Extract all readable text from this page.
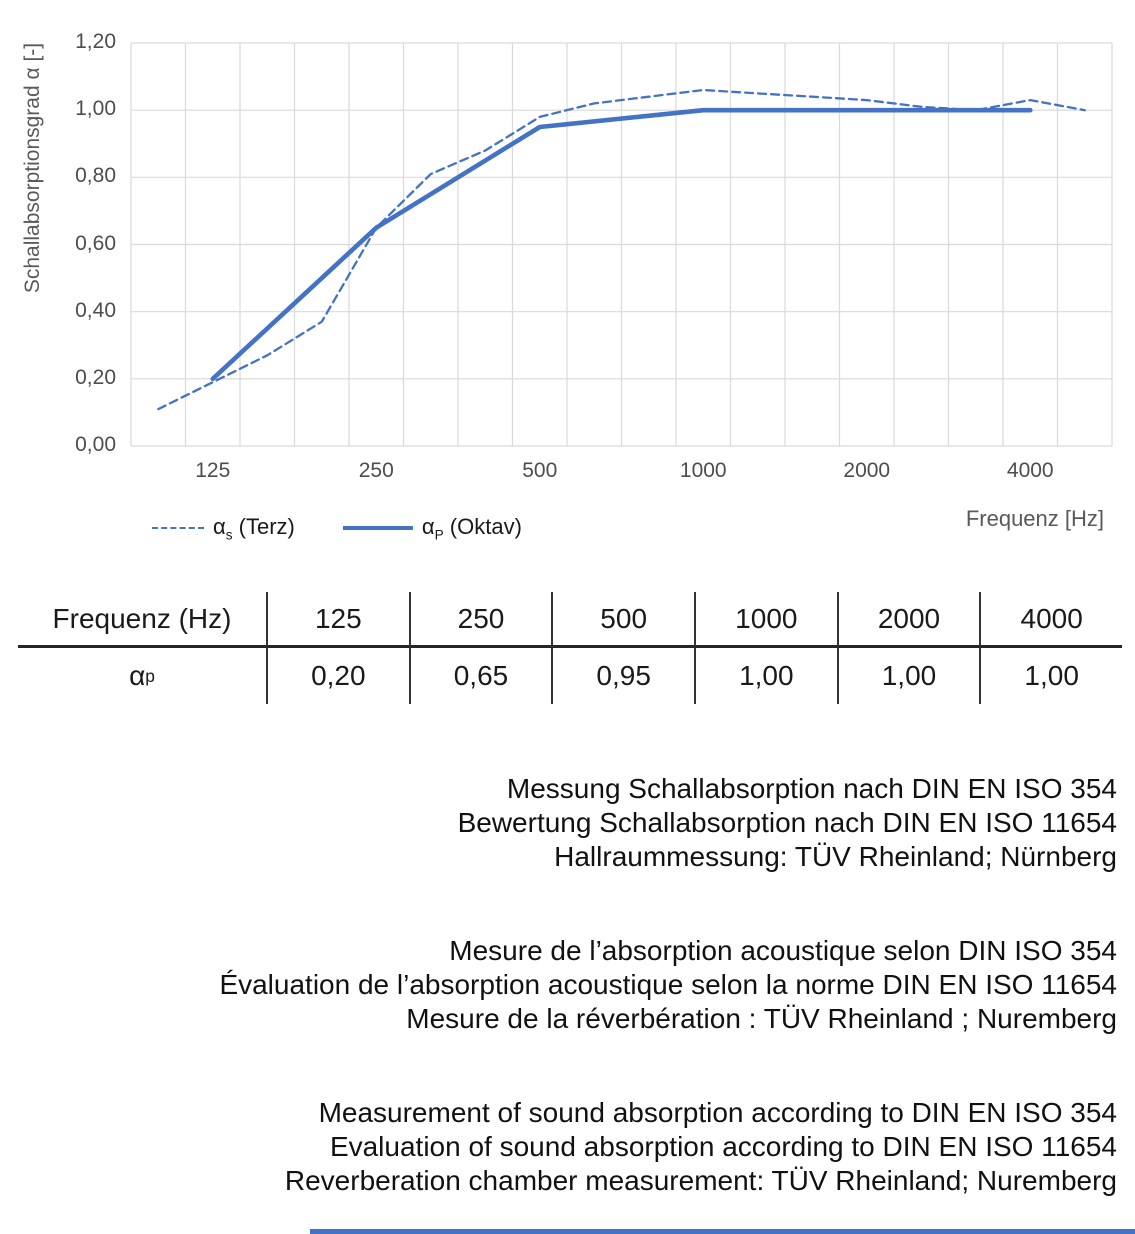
Schallabsorptionsgrad α [-]
Frequenz [Hz]
0,00
0,20
0,40
0,60
0,80
1,00
1,20
125	250	500	1000	2000	4000
$\alpha_s$ (Terz)	$\alpha_P$ (Oktav)
Frequenz (Hz)	125	250	500	1000	2000	4000
α p	0,20	0,65	0,95	1,00	1,00	1,00
Messung Schallabsorption nach DIN EN ISO 354
Bewertung Schallabsorption nach DIN EN ISO 11654
Hallraummessung: TÜV Rheinland; Nürnberg
Mesure de l’absorption acoustique selon DIN ISO 354
Évaluation de l’absorption acoustique selon la norme DIN EN ISO 11654
Mesure de la réverbération : TÜV Rheinland ; Nuremberg
Measurement of sound absorption according to DIN EN ISO 354
Evaluation of sound absorption according to DIN EN ISO 11654
Reverberation chamber measurement: TÜV Rheinland; Nuremberg
